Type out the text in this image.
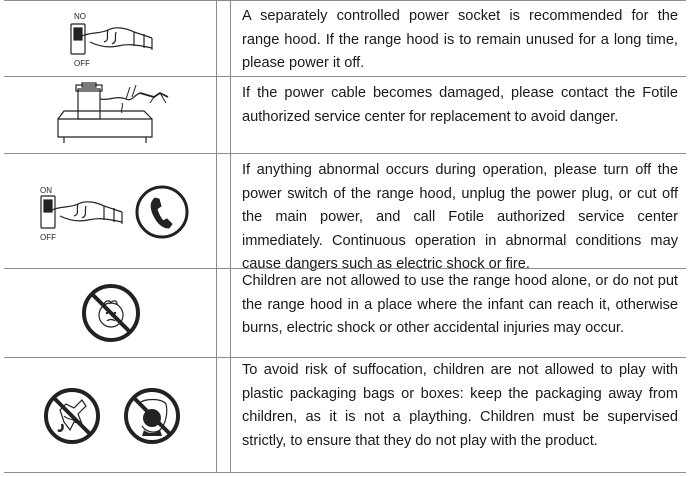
NO
OFF
A separately controlled power socket is recommended for the range hood. If the range hood is to remain unused for a long time, please power it off.
If the power cable becomes damaged, please contact the Fotile authorized service center for replacement to avoid danger.
ON
OFF
If anything abnormal occurs during operation, please turn off the power switch of the range hood, unplug the power plug, or cut off the main power, and call Fotile authorized service center immediately. Continuous operation in abnormal conditions may cause dangers such as electric shock or fire.
Children are not allowed to use the range hood alone, or do not put the range hood in a place where the infant can reach it, otherwise burns, electric shock or other accidental injuries may occur.
To avoid risk of suffocation, children are not allowed to play with plastic packaging bags or boxes: keep the packaging away from children, as it is not a plaything. Children must be supervised strictly, to ensure that they do not play with the product.
